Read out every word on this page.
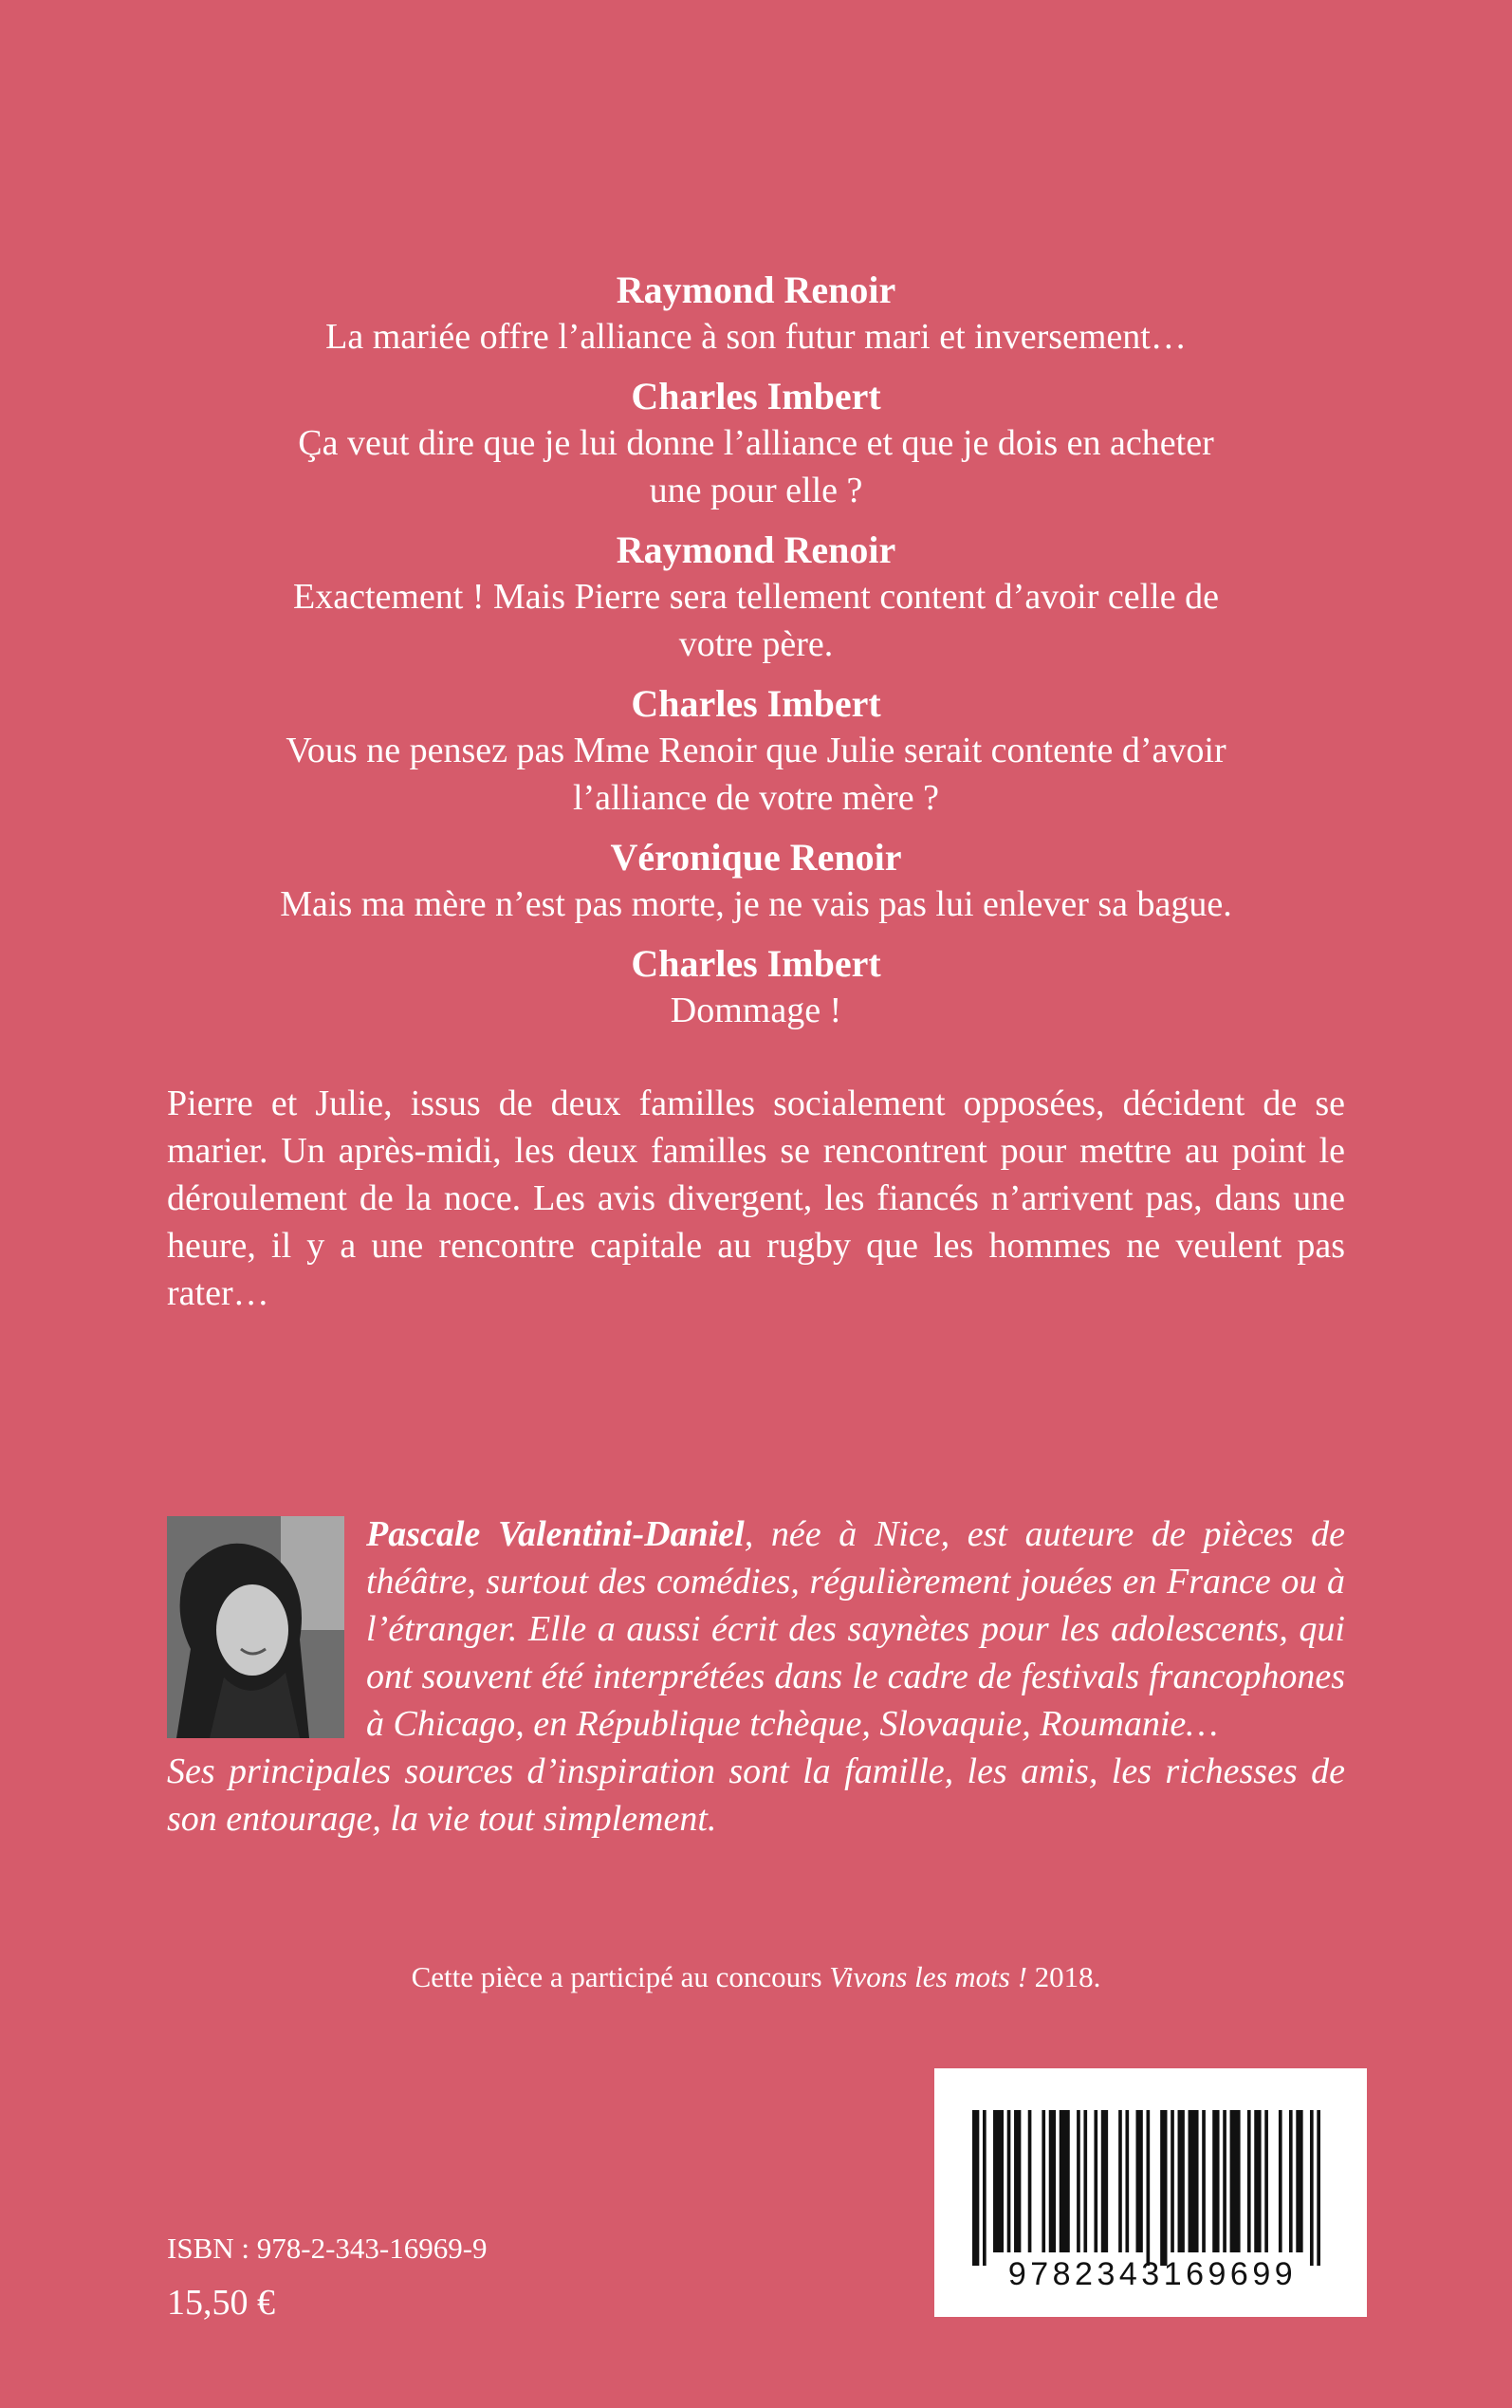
Raymond Renoir
La mariée offre l’alliance à son futur mari et inversement…
Charles Imbert
Ça veut dire que je lui donne l’alliance et que je dois en acheter
une pour elle ?
Raymond Renoir
Exactement ! Mais Pierre sera tellement content d’avoir celle de
votre père.
Charles Imbert
Vous ne pensez pas Mme Renoir que Julie serait contente d’avoir
l’alliance de votre mère ?
Véronique Renoir
Mais ma mère n’est pas morte, je ne vais pas lui enlever sa bague.
Charles Imbert
Dommage !

Pierre et Julie, issus de deux familles socialement opposées, décident de se marier. Un après-midi, les deux familles se rencontrent pour mettre au point le déroulement de la noce. Les avis divergent, les fiancés n’arrivent pas, dans une heure, il y a une rencontre capitale au rugby que les hommes ne veulent pas rater…

Pascale Valentini-Daniel, née à Nice, est auteure de pièces de théâtre, surtout des comédies, régulièrement jouées en France ou à l’étranger. Elle a aussi écrit des saynètes pour les adolescents, qui ont souvent été interprétées dans le cadre de festivals francophones à Chicago, en République tchèque, Slovaquie, Roumanie…
Ses principales sources d’inspiration sont la famille, les amis, les richesses de son entourage, la vie tout simplement.
Cette pièce a participé au concours Vivons les mots ! 2018.
ISBN : 978-2-343-16969-9
15,50 €
9782343169699
